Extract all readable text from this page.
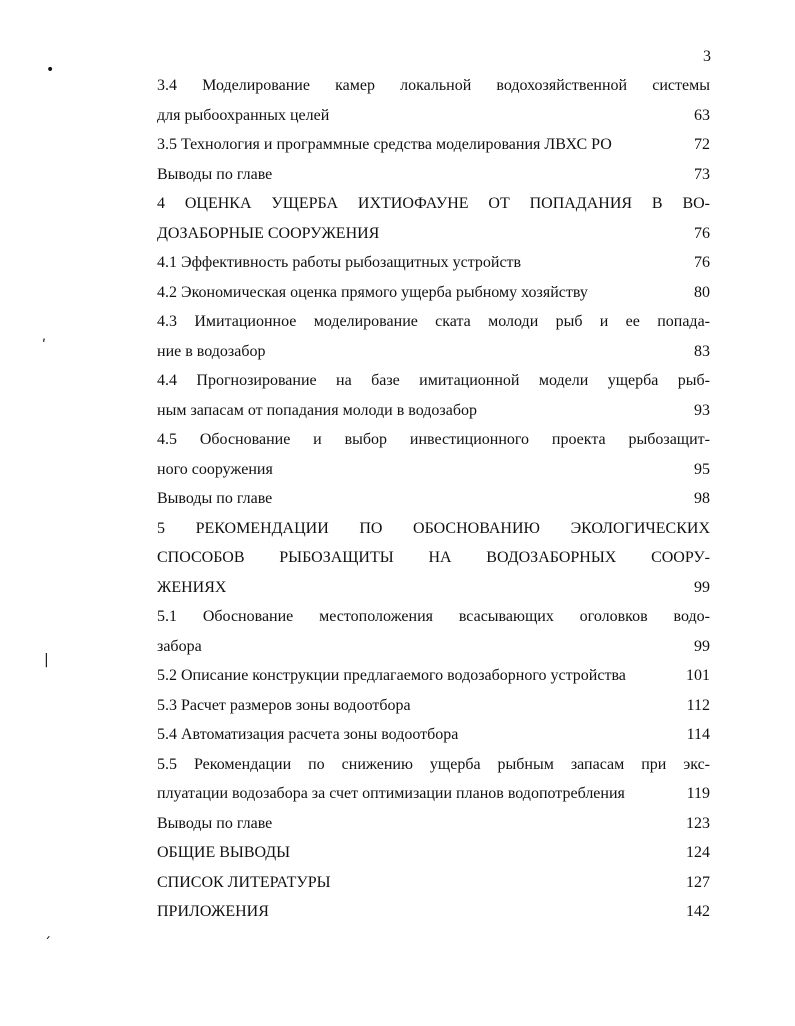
3
•
ʹ
|
ˊ
3.4 Моделирование камер локальной водохозяйственной системы
для рыбоохранных целей	63
3.5 Технология и программные средства моделирования ЛВХС РО	72
Выводы по главе	73
4 ОЦЕНКА УЩЕРБА ИХТИОФАУНЕ ОТ ПОПАДАНИЯ В ВО-
ДОЗАБОРНЫЕ СООРУЖЕНИЯ	76
4.1 Эффективность работы рыбозащитных устройств	76
4.2 Экономическая оценка прямого ущерба рыбному хозяйству	80
4.3 Имитационное моделирование ската молоди рыб и ее попада-
ние в водозабор	83
4.4 Прогнозирование на базе имитационной модели ущерба рыб-
ным запасам от попадания молоди в водозабор	93
4.5 Обоснование и выбор инвестиционного проекта рыбозащит-
ного сооружения	95
Выводы по главе	98
5 РЕКОМЕНДАЦИИ ПО ОБОСНОВАНИЮ ЭКОЛОГИЧЕСКИХ
СПОСОБОВ РЫБОЗАЩИТЫ НА ВОДОЗАБОРНЫХ СООРУ-
ЖЕНИЯХ	99
5.1 Обоснование местоположения всасывающих оголовков водо-
забора	99
5.2 Описание конструкции предлагаемого водозаборного устройства	101
5.3 Расчет размеров зоны водоотбора	112
5.4 Автоматизация расчета зоны водоотбора	114
5.5 Рекомендации по снижению ущерба рыбным запасам при экс-
плуатации водозабора за счет оптимизации планов водопотребления	119
Выводы по главе	123
ОБЩИЕ ВЫВОДЫ	124
СПИСОК ЛИТЕРАТУРЫ	127
ПРИЛОЖЕНИЯ	142
